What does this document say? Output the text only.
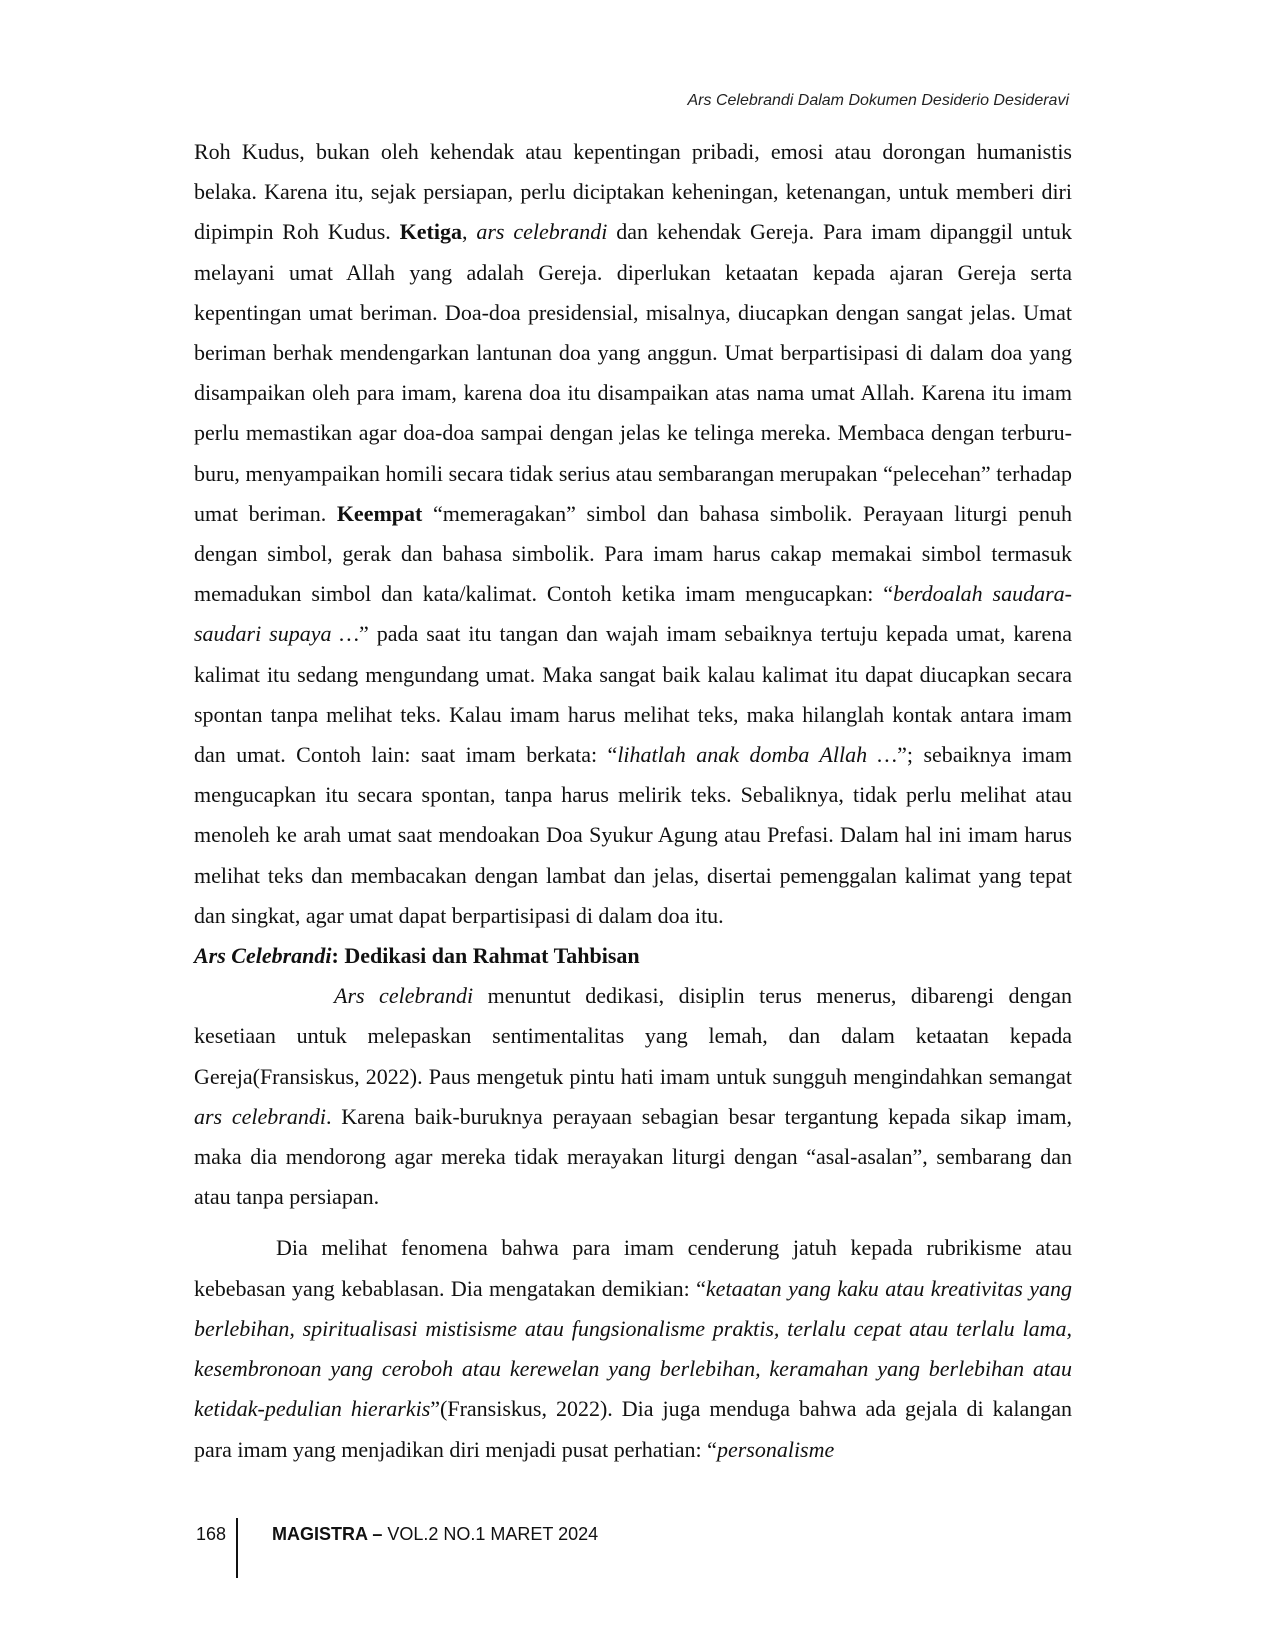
Ars Celebrandi Dalam Dokumen Desiderio Desideravi

Roh Kudus, bukan oleh kehendak atau kepentingan pribadi, emosi atau dorongan humanistis belaka. Karena itu, sejak persiapan, perlu diciptakan keheningan, ketenangan, untuk memberi diri dipimpin Roh Kudus. Ketiga, ars celebrandi dan kehendak Gereja. Para imam dipanggil untuk melayani umat Allah yang adalah Gereja. diperlukan ketaatan kepada ajaran Gereja serta kepentingan umat beriman. Doa-doa presidensial, misalnya, diucapkan dengan sangat jelas. Umat beriman berhak mendengarkan lantunan doa yang anggun. Umat berpartisipasi di dalam doa yang disampaikan oleh para imam, karena doa itu disampaikan atas nama umat Allah. Karena itu imam perlu memastikan agar doa-doa sampai dengan jelas ke telinga mereka. Membaca dengan terburu-buru, menyampaikan homili secara tidak serius atau sembarangan merupakan “pelecehan” terhadap umat beriman. Keempat “memeragakan” simbol dan bahasa simbolik. Perayaan liturgi penuh dengan simbol, gerak dan bahasa simbolik. Para imam harus cakap memakai simbol termasuk memadukan simbol dan kata/kalimat. Contoh ketika imam mengucapkan: “berdoalah saudara-saudari supaya …” pada saat itu tangan dan wajah imam sebaiknya tertuju kepada umat, karena kalimat itu sedang mengundang umat. Maka sangat baik kalau kalimat itu dapat diucapkan secara spontan tanpa melihat teks. Kalau imam harus melihat teks, maka hilanglah kontak antara imam dan umat. Contoh lain: saat imam berkata: “lihatlah anak domba Allah …”; sebaiknya imam mengucapkan itu secara spontan, tanpa harus melirik teks. Sebaliknya, tidak perlu melihat atau menoleh ke arah umat saat mendoakan Doa Syukur Agung atau Prefasi. Dalam hal ini imam harus melihat teks dan membacakan dengan lambat dan jelas, disertai pemenggalan kalimat yang tepat dan singkat, agar umat dapat berpartisipasi di dalam doa itu.

Ars Celebrandi: Dedikasi dan Rahmat Tahbisan

Ars celebrandi menuntut dedikasi, disiplin terus menerus, dibarengi dengan kesetiaan untuk melepaskan sentimentalitas yang lemah, dan dalam ketaatan kepada Gereja(Fransiskus, 2022). Paus mengetuk pintu hati imam untuk sungguh mengindahkan semangat ars celebrandi. Karena baik-buruknya perayaan sebagian besar tergantung kepada sikap imam, maka dia mendorong agar mereka tidak merayakan liturgi dengan “asal-asalan”, sembarang dan atau tanpa persiapan.

Dia melihat fenomena bahwa para imam cenderung jatuh kepada rubrikisme atau kebebasan yang kebablasan. Dia mengatakan demikian: “ketaatan yang kaku atau kreativitas yang berlebihan, spiritualisasi mistisisme atau fungsionalisme praktis, terlalu cepat atau terlalu lama, kesembronoan yang ceroboh atau kerewelan yang berlebihan, keramahan yang berlebihan atau ketidak-pedulian hierarkis”(Fransiskus, 2022). Dia juga menduga bahwa ada gejala di kalangan para imam yang menjadikan diri menjadi pusat perhatian: “personalisme

168	MAGISTRA – VOL.2 NO.1 MARET 2024
